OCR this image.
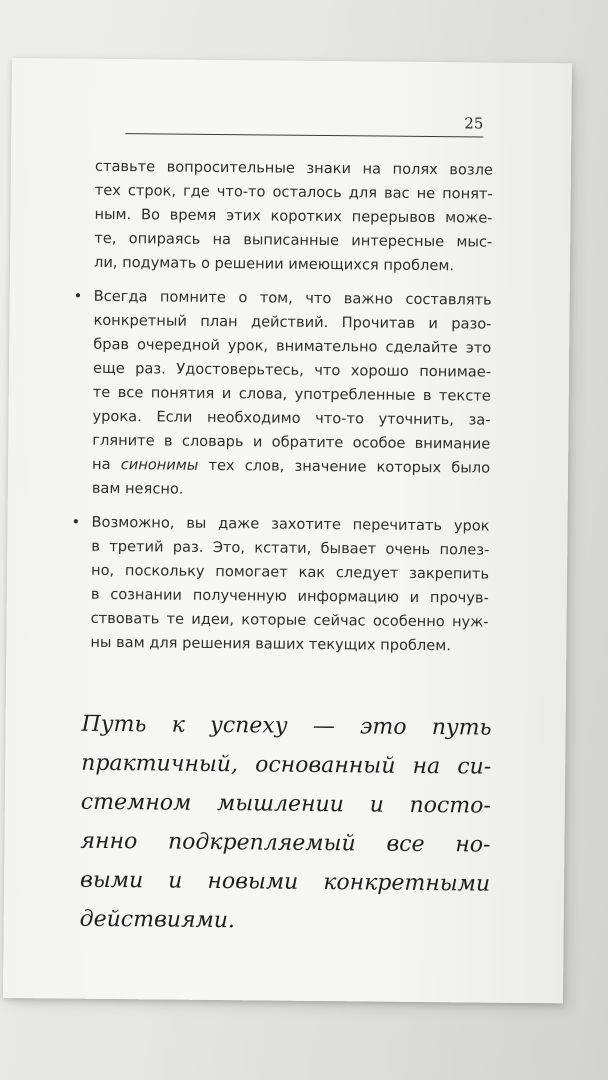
25
ставьте вопросительные знаки на полях возле
тех строк, где что-то осталось для вас не понят-
ным. Во время этих коротких перерывов може-
те, опираясь на выписанные интересные мыс-
ли, подумать о решении имеющихся проблем.
• Всегда помните о том, что важно составлять
конкретный план действий. Прочитав и разо-
брав очередной урок, внимательно сделайте это
еще раз. Удостоверьтесь, что хорошо понимае-
те все понятия и слова, употребленные в тексте
урока. Если необходимо что-то уточнить, за-
гляните в словарь и обратите особое внимание
на синонимы тех слов, значение которых было
вам неясно.
• Возможно, вы даже захотите перечитать урок
в третий раз. Это, кстати, бывает очень полез-
но, поскольку помогает как следует закрепить
в сознании полученную информацию и прочув-
ствовать те идеи, которые сейчас особенно нуж-
ны вам для решения ваших текущих проблем.
Путь к успеху — это путь
практичный, основанный на си-
стемном мышлении и посто-
янно подкрепляемый все но-
выми и новыми конкретными
действиями.
